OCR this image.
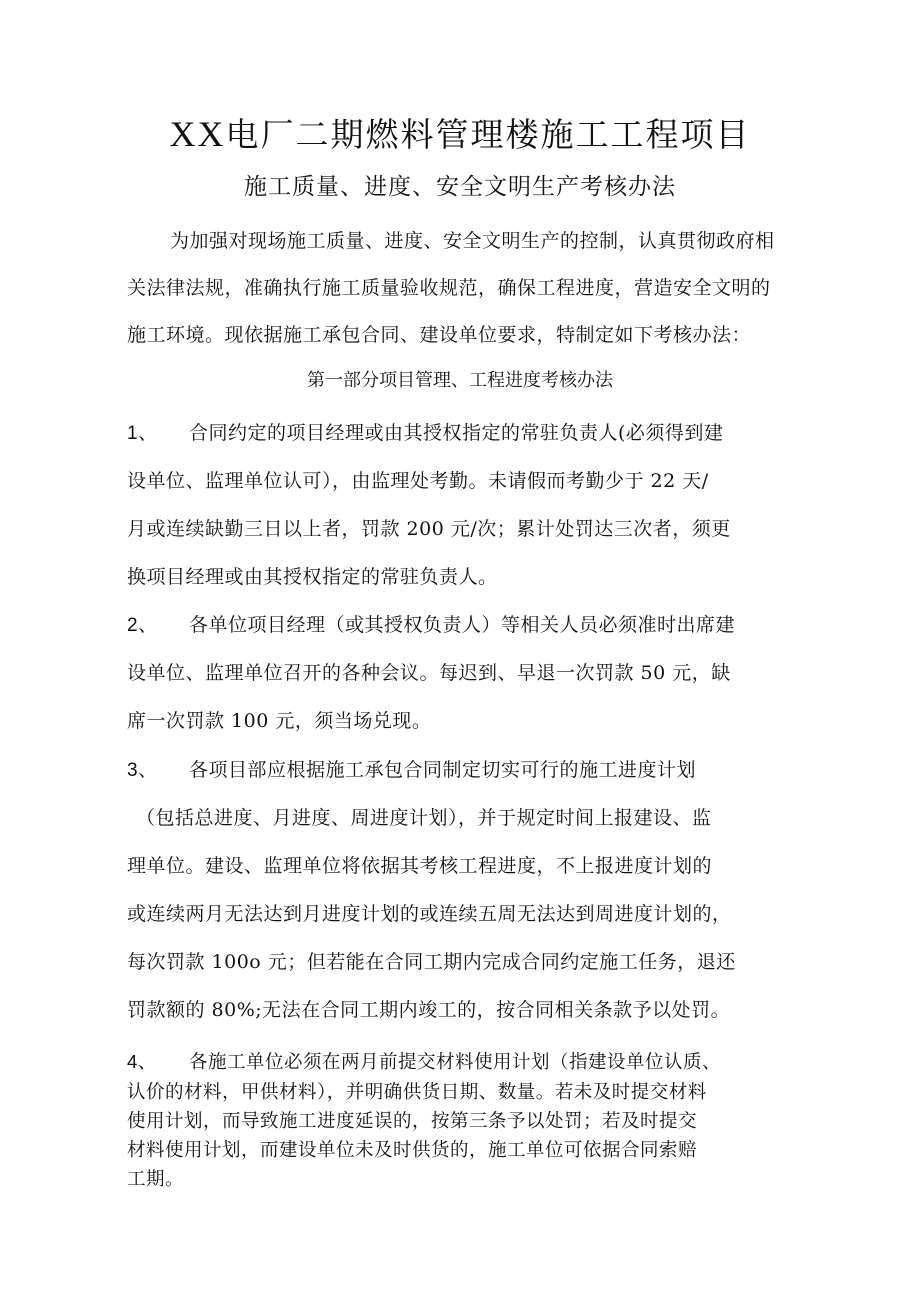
XX电厂二期燃料管理楼施工工程项目
施工质量、进度、安全文明生产考核办法
为加强对现场施工质量、进度、安全文明生产的控制，认真贯彻政府相
关法律法规，准确执行施工质量验收规范，确保工程进度，营造安全文明的
施工环境。现依据施工承包合同、建设单位要求，特制定如下考核办法：
第一部分项目管理、工程进度考核办法
1、 合同约定的项目经理或由其授权指定的常驻负责人(必须得到建
设单位、监理单位认可），由监理处考勤。未请假而考勤少于 22 天/
月或连续缺勤三日以上者，罚款 200 元/次；累计处罚达三次者，须更
换项目经理或由其授权指定的常驻负责人。
2、 各单位项目经理（或其授权负责人）等相关人员必须准时出席建
设单位、监理单位召开的各种会议。每迟到、早退一次罚款 50 元，缺
席一次罚款 100 元，须当场兑现。
3、 各项目部应根据施工承包合同制定切实可行的施工进度计划
（包括总进度、月进度、周进度计划），并于规定时间上报建设、监
理单位。建设、监理单位将依据其考核工程进度，不上报进度计划的
或连续两月无法达到月进度计划的或连续五周无法达到周进度计划的，
每次罚款 100o 元；但若能在合同工期内完成合同约定施工任务，退还
罚款额的 80%;无法在合同工期内竣工的，按合同相关条款予以处罚。
4、 各施工单位必须在两月前提交材料使用计划（指建设单位认质、
认价的材料，甲供材料），并明确供货日期、数量。若未及时提交材料
使用计划，而导致施工进度延误的，按第三条予以处罚；若及时提交
材料使用计划，而建设单位未及时供货的，施工单位可依据合同索赔
工期。
